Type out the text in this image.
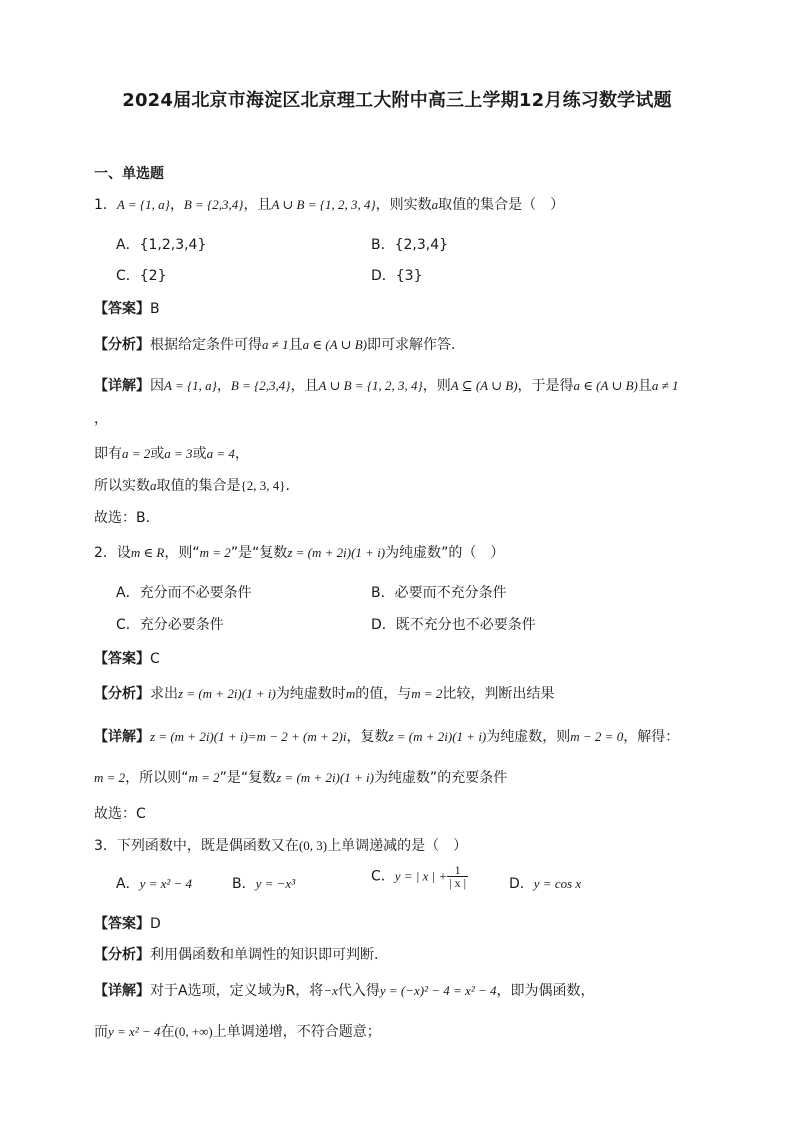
2024届北京市海淀区北京理工大附中高三上学期12月练习数学试题
一、单选题
1．A = {1, a}，B = {2,3,4}，且A ∪ B = {1, 2, 3, 4}，则实数a取值的集合是（　）
A．{1,2,3,4}	B．{2,3,4}
C．{2}	D．{3}
【答案】B
【分析】根据给定条件可得a ≠ 1且a ∈ (A ∪ B)即可求解作答.
【详解】因A = {1, a}，B = {2,3,4}，且A ∪ B = {1, 2, 3, 4}，则A ⊆ (A ∪ B)，于是得a ∈ (A ∪ B)且a ≠ 1
，
即有a = 2或a = 3或a = 4，
所以实数a取值的集合是{2, 3, 4}.
故选：B.
2．设m ∈ R，则“m = 2”是“复数z = (m + 2i)(1 + i)为纯虚数”的（　）
A．充分而不必要条件	B．必要而不充分条件
C．充分必要条件	D．既不充分也不必要条件
【答案】C
【分析】求出z = (m + 2i)(1 + i)为纯虚数时m的值，与m = 2比较，判断出结果
【详解】z = (m + 2i)(1 + i)=m − 2 + (m + 2)i，复数z = (m + 2i)(1 + i)为纯虚数，则m − 2 = 0，解得：
m = 2，所以则“m = 2”是“复数z = (m + 2i)(1 + i)为纯虚数”的充要条件
故选：C
3．下列函数中，既是偶函数又在(0, 3)上单调递减的是（　）
A．y = x² − 4	B．y = −x³	C．y = | x | + $\frac{1}{| x |}$	D．y = cos x
【答案】D
【分析】利用偶函数和单调性的知识即可判断.
【详解】对于A选项，定义域为R，将−x代入得y = (−x)² − 4 = x² − 4，即为偶函数，
而y = x² − 4在(0, +∞)上单调递增，不符合题意；
